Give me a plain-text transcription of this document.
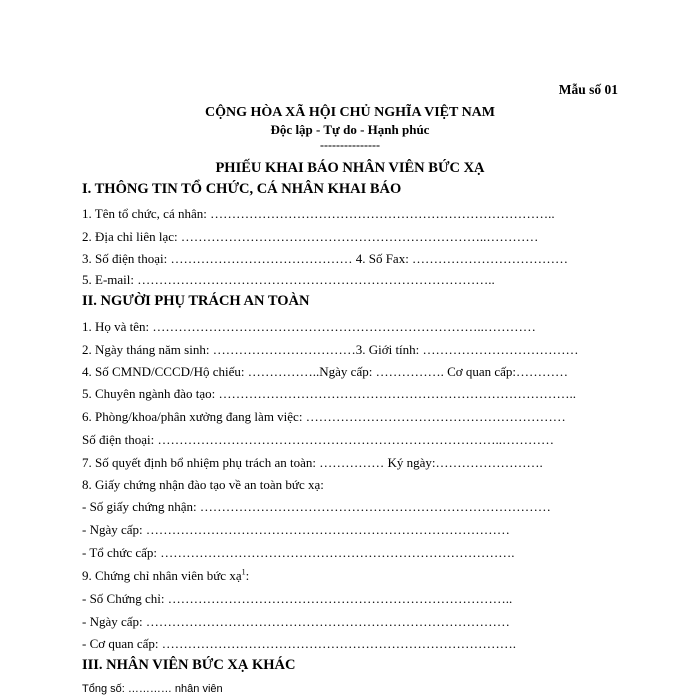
Mẫu số 01
CỘNG HÒA XÃ HỘI CHỦ NGHĨA VIỆT NAM
Độc lập - Tự do - Hạnh phúc
---------------
PHIẾU KHAI BÁO NHÂN VIÊN BỨC XẠ
I. THÔNG TIN TỔ CHỨC, CÁ NHÂN KHAI BÁO
1. Tên tổ chức, cá nhân: ……………………………………………………………………..
2. Địa chỉ liên lạc: ……………………………………………………………..…………
3. Số điện thoại: …………………………………… 4. Số Fax: ………………………………
5. E-mail: ………………………………………………………………………..
II. NGƯỜI PHỤ TRÁCH AN TOÀN
1. Họ và tên: …………………………………………………………………..…………
2. Ngày tháng năm sinh: ……………………………3. Giới tính: ………………………………
4. Số CMND/CCCD/Hộ chiếu: ……………..Ngày cấp: ……………. Cơ quan cấp:…………
5. Chuyên ngành đào tạo: ………………………………………………………………………..
6. Phòng/khoa/phân xưởng đang làm việc: ……………………………………………………
Số điện thoại: ……………………………………………………………………..…………
7. Số quyết định bổ nhiệm phụ trách an toàn: …………… Ký ngày:…………………….
8. Giấy chứng nhận đào tạo về an toàn bức xạ:
- Số giấy chứng nhận: ………………………………………………………………………
- Ngày cấp: …………………………………………………………………………
- Tổ chức cấp: ……………………………………………………………………….
9. Chứng chỉ nhân viên bức xạ$^1$:
- Số Chứng chỉ: ……………………………………………………………………..
- Ngày cấp: …………………………………………………………………………
- Cơ quan cấp: ……………………………………………………………………….
III. NHÂN VIÊN BỨC XẠ KHÁC
Tổng số: ………… nhân viên
